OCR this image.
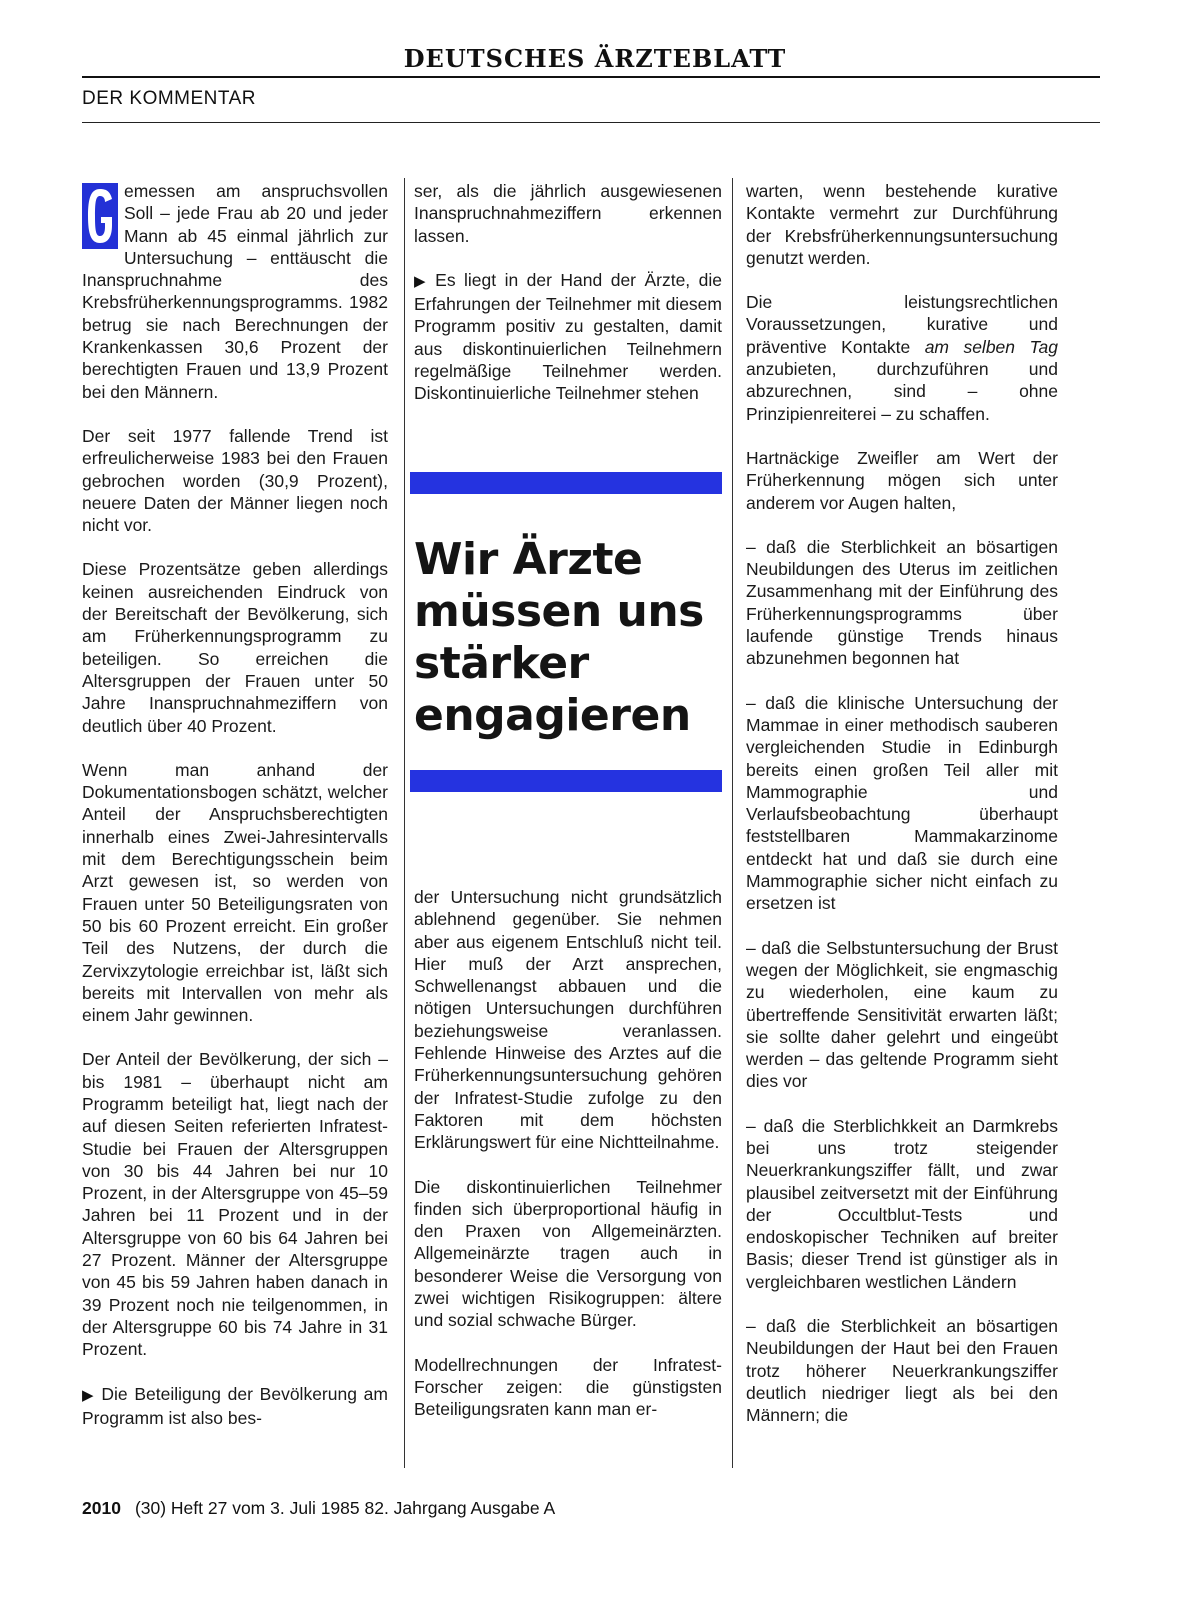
DEUTSCHES ÄRZTEBLATT
DER KOMMENTAR

emessen am anspruchsvollen Soll – jede Frau ab 20 und jeder Mann ab 45 einmal jährlich zur Untersuchung – enttäuscht die Inanspruchnahme des Krebsfrüherkennungsprogramms. 1982 betrug sie nach Berechnungen der Krankenkassen 30,6 Prozent der berechtigten Frauen und 13,9 Prozent bei den Männern.

Der seit 1977 fallende Trend ist erfreulicherweise 1983 bei den Frauen gebrochen worden (30,9 Prozent), neuere Daten der Männer liegen noch nicht vor.

Diese Prozentsätze geben allerdings keinen ausreichenden Eindruck von der Bereitschaft der Bevölkerung, sich am Früherkennungsprogramm zu beteiligen. So erreichen die Altersgruppen der Frauen unter 50 Jahre Inanspruchnahmeziffern von deutlich über 40 Prozent.

Wenn man anhand der Dokumentationsbogen schätzt, welcher Anteil der Anspruchsberechtigten innerhalb eines Zwei-Jahresintervalls mit dem Berechtigungsschein beim Arzt gewesen ist, so werden von Frauen unter 50 Beteiligungsraten von 50 bis 60 Prozent erreicht. Ein großer Teil des Nutzens, der durch die Zervixzytologie erreichbar ist, läßt sich bereits mit Intervallen von mehr als einem Jahr gewinnen.

Der Anteil der Bevölkerung, der sich – bis 1981 – überhaupt nicht am Programm beteiligt hat, liegt nach der auf diesen Seiten referierten Infratest-Studie bei Frauen der Altersgruppen von 30 bis 44 Jahren bei nur 10 Prozent, in der Altersgruppe von 45–59 Jahren bei 11 Prozent und in der Altersgruppe von 60 bis 64 Jahren bei 27 Prozent. Männer der Altersgruppe von 45 bis 59 Jahren haben danach in 39 Prozent noch nie teilgenommen, in der Altersgruppe 60 bis 74 Jahre in 31 Prozent.

▶ Die Beteiligung der Bevölkerung am Programm ist also bes-

ser, als die jährlich ausgewiesenen Inanspruchnahmeziffern erkennen lassen.

▶ Es liegt in der Hand der Ärzte, die Erfahrungen der Teilnehmer mit diesem Programm positiv zu gestalten, damit aus diskontinuierlichen Teilnehmern regelmäßige Teilnehmer werden. Diskontinuierliche Teilnehmer stehen

Wir Ärzte
müssen uns
stärker
engagieren

der Untersuchung nicht grundsätzlich ablehnend gegenüber. Sie nehmen aber aus eigenem Entschluß nicht teil. Hier muß der Arzt ansprechen, Schwellenangst abbauen und die nötigen Untersuchungen durchführen beziehungsweise veranlassen. Fehlende Hinweise des Arztes auf die Früherkennungsuntersuchung gehören der Infratest-Studie zufolge zu den Faktoren mit dem höchsten Erklärungswert für eine Nichtteilnahme.

Die diskontinuierlichen Teilnehmer finden sich überproportional häufig in den Praxen von Allgemeinärzten. Allgemeinärzte tragen auch in besonderer Weise die Versorgung von zwei wichtigen Risikogruppen: ältere und sozial schwache Bürger.

Modellrechnungen der Infratest-Forscher zeigen: die günstigsten Beteiligungsraten kann man er-

warten, wenn bestehende kurative Kontakte vermehrt zur Durchführung der Krebsfrüherkennungsuntersuchung genutzt werden.

Die leistungsrechtlichen Voraussetzungen, kurative und präventive Kontakte am selben Tag anzubieten, durchzuführen und abzurechnen, sind – ohne Prinzipienreiterei – zu schaffen.

Hartnäckige Zweifler am Wert der Früherkennung mögen sich unter anderem vor Augen halten,

– daß die Sterblichkeit an bösartigen Neubildungen des Uterus im zeitlichen Zusammenhang mit der Einführung des Früherkennungsprogramms über laufende günstige Trends hinaus abzunehmen begonnen hat

– daß die klinische Untersuchung der Mammae in einer methodisch sauberen vergleichenden Studie in Edinburgh bereits einen großen Teil aller mit Mammographie und Verlaufsbeobachtung überhaupt feststellbaren Mammakarzinome entdeckt hat und daß sie durch eine Mammographie sicher nicht einfach zu ersetzen ist

– daß die Selbstuntersuchung der Brust wegen der Möglichkeit, sie engmaschig zu wiederholen, eine kaum zu übertreffende Sensitivität erwarten läßt; sie sollte daher gelehrt und eingeübt werden – das geltende Programm sieht dies vor

– daß die Sterblichkkeit an Darmkrebs bei uns trotz steigender Neuerkrankungsziffer fällt, und zwar plausibel zeitversetzt mit der Einführung der Occultblut-Tests und endoskopischer Techniken auf breiter Basis; dieser Trend ist günstiger als in vergleichbaren westlichen Ländern

– daß die Sterblichkeit an bösartigen Neubildungen der Haut bei den Frauen trotz höherer Neuerkrankungsziffer deutlich niedriger liegt als bei den Männern; die

2010 (30) Heft 27 vom 3. Juli 1985 82. Jahrgang Ausgabe A
